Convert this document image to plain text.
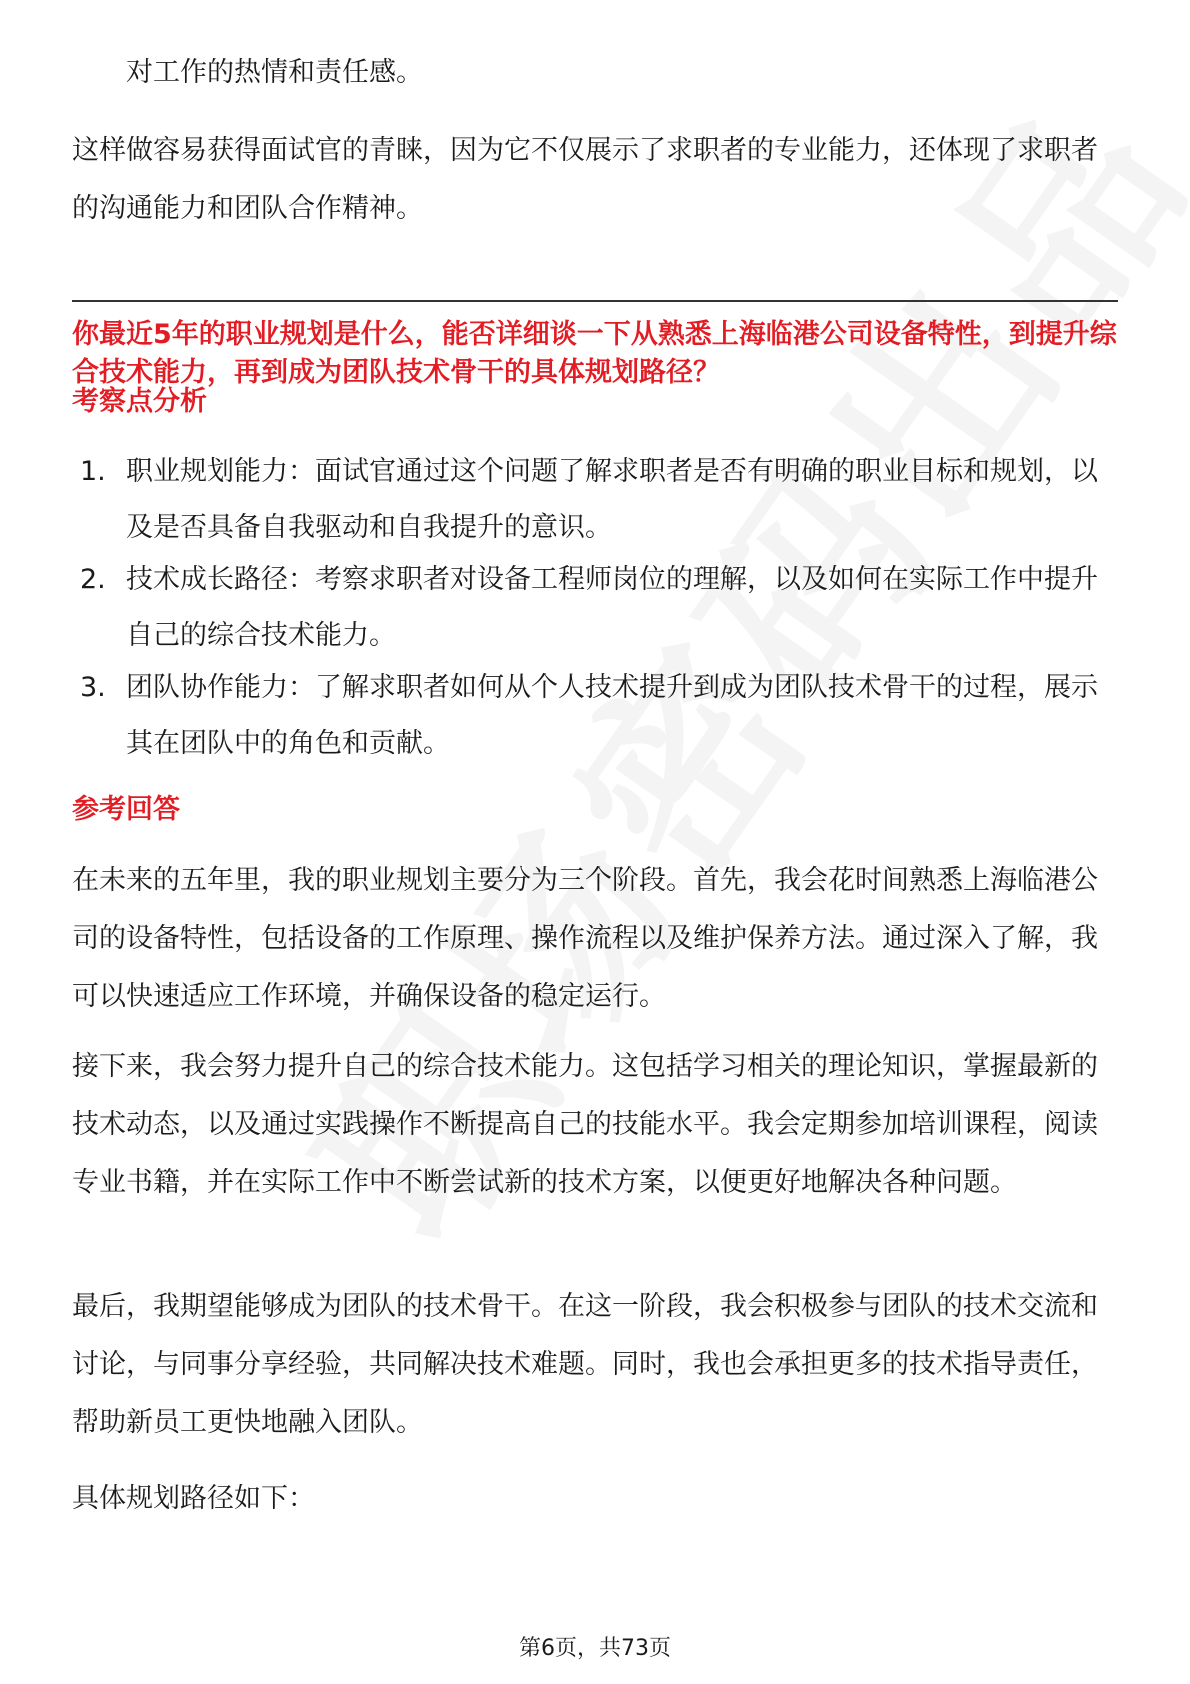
对工作的热情和责任感。

这样做容易获得面试官的青睐，因为它不仅展示了求职者的专业能力，还体现了求职者的沟通能力和团队合作精神。

你最近5年的职业规划是什么，能否详细谈一下从熟悉上海临港公司设备特性，到提升综合技术能力，再到成为团队技术骨干的具体规划路径？

考察点分析

1. 职业规划能力：面试官通过这个问题了解求职者是否有明确的职业目标和规划，以及是否具备自我驱动和自我提升的意识。
2. 技术成长路径：考察求职者对设备工程师岗位的理解，以及如何在实际工作中提升自己的综合技术能力。
3. 团队协作能力：了解求职者如何从个人技术提升到成为团队技术骨干的过程，展示其在团队中的角色和贡献。

参考回答

在未来的五年里，我的职业规划主要分为三个阶段。首先，我会花时间熟悉上海临港公司的设备特性，包括设备的工作原理、操作流程以及维护保养方法。通过深入了解，我可以快速适应工作环境，并确保设备的稳定运行。

接下来，我会努力提升自己的综合技术能力。这包括学习相关的理论知识，掌握最新的技术动态，以及通过实践操作不断提高自己的技能水平。我会定期参加培训课程，阅读专业书籍，并在实际工作中不断尝试新的技术方案，以便更好地解决各种问题。

最后，我期望能够成为团队的技术骨干。在这一阶段，我会积极参与团队的技术交流和讨论，与同事分享经验，共同解决技术难题。同时，我也会承担更多的技术指导责任，帮助新员工更快地融入团队。

具体规划路径如下：

第6页，共73页
